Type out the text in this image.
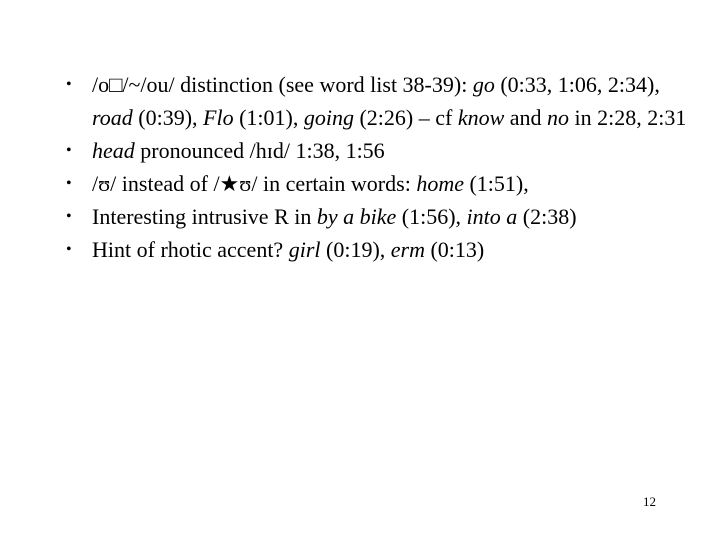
• /o□/~/ou/ distinction (see word list 38-39): go (0:33, 1:06, 2:34), road (0:39), Flo (1:01), going (2:26) – cf know and no in 2:28, 2:31
• head pronounced /hɪd/ 1:38, 1:56
• /ʊ/ instead of /★ʊ/ in certain words: home (1:51),
• Interesting intrusive R in by a bike (1:56), into a (2:38)
• Hint of rhotic accent? girl (0:19), erm (0:13)
12
